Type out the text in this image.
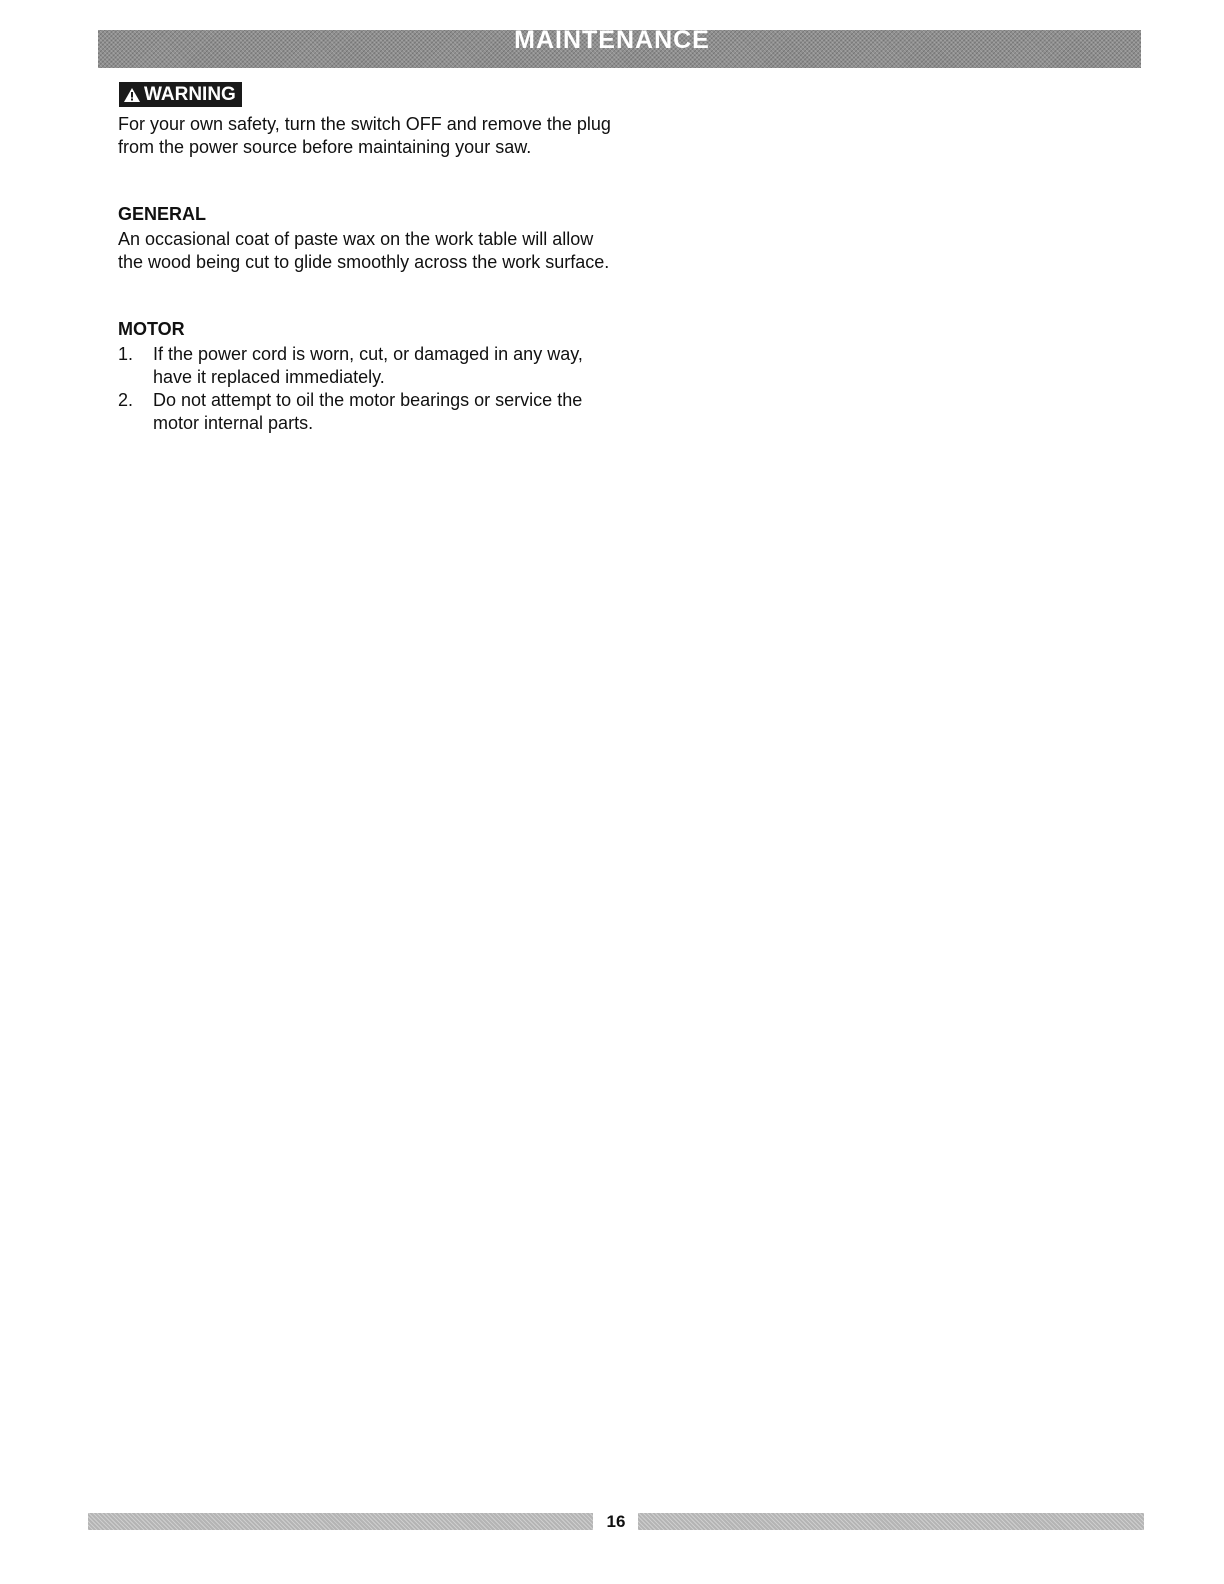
MAINTENANCE
WARNING

For your own safety, turn the switch OFF and remove the plug from the power source before maintaining your saw.

GENERAL

An occasional coat of paste wax on the work table will allow the wood being cut to glide smoothly across the work surface.

MOTOR
1. If the power cord is worn, cut, or damaged in any way, have it replaced immediately.
2. Do not attempt to oil the motor bearings or service the motor internal parts.
16
